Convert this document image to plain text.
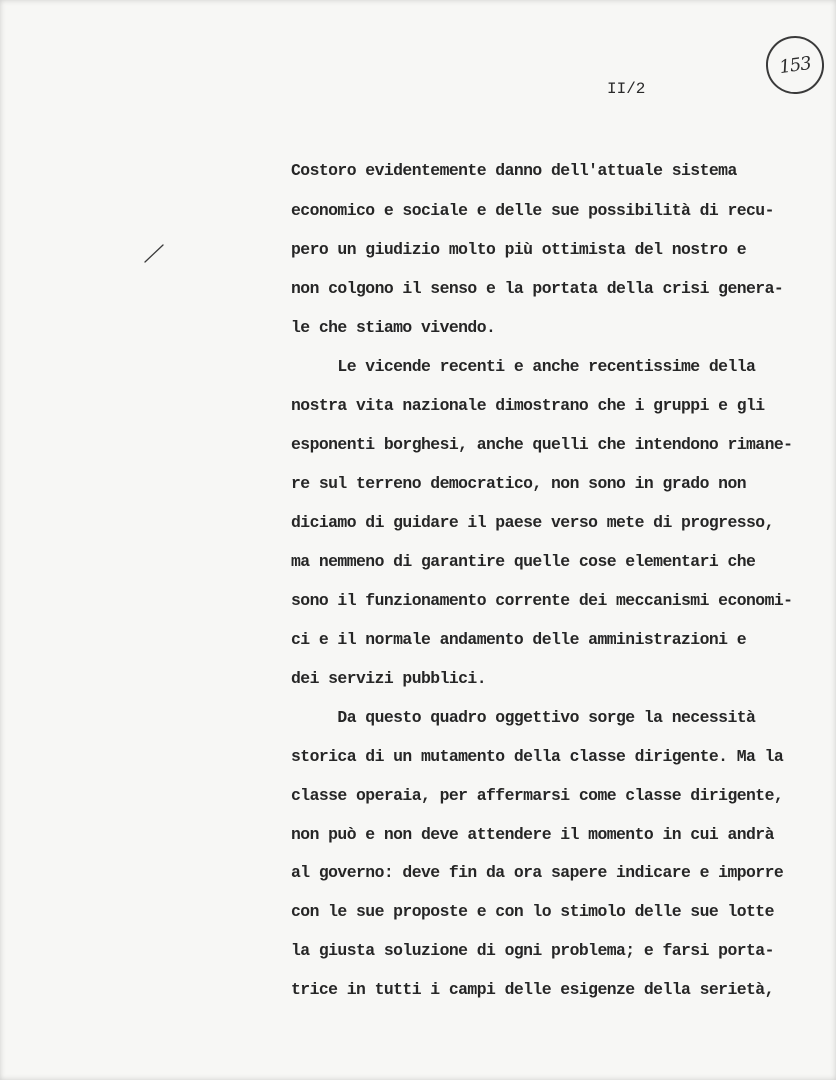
153
II/2
Costoro evidentemente danno dell'attuale sistema
economico e sociale e delle sue possibilità di recu-
pero un giudizio molto più ottimista del nostro e
non colgono il senso e la portata della crisi genera-
le che stiamo vivendo.
Le vicende recenti e anche recentissime della
nostra vita nazionale dimostrano che i gruppi e gli
esponenti borghesi, anche quelli che intendono rimane-
re sul terreno democratico, non sono in grado non
diciamo di guidare il paese verso mete di progresso,
ma nemmeno di garantire quelle cose elementari che
sono il funzionamento corrente dei meccanismi economi-
ci e il normale andamento delle amministrazioni e
dei servizi pubblici.
Da questo quadro oggettivo sorge la necessità
storica di un mutamento della classe dirigente. Ma la
classe operaia, per affermarsi come classe dirigente,
non può e non deve attendere il momento in cui andrà
al governo: deve fin da ora sapere indicare e imporre
con le sue proposte e con lo stimolo delle sue lotte
la giusta soluzione di ogni problema; e farsi porta-
trice in tutti i campi delle esigenze della serietà,
